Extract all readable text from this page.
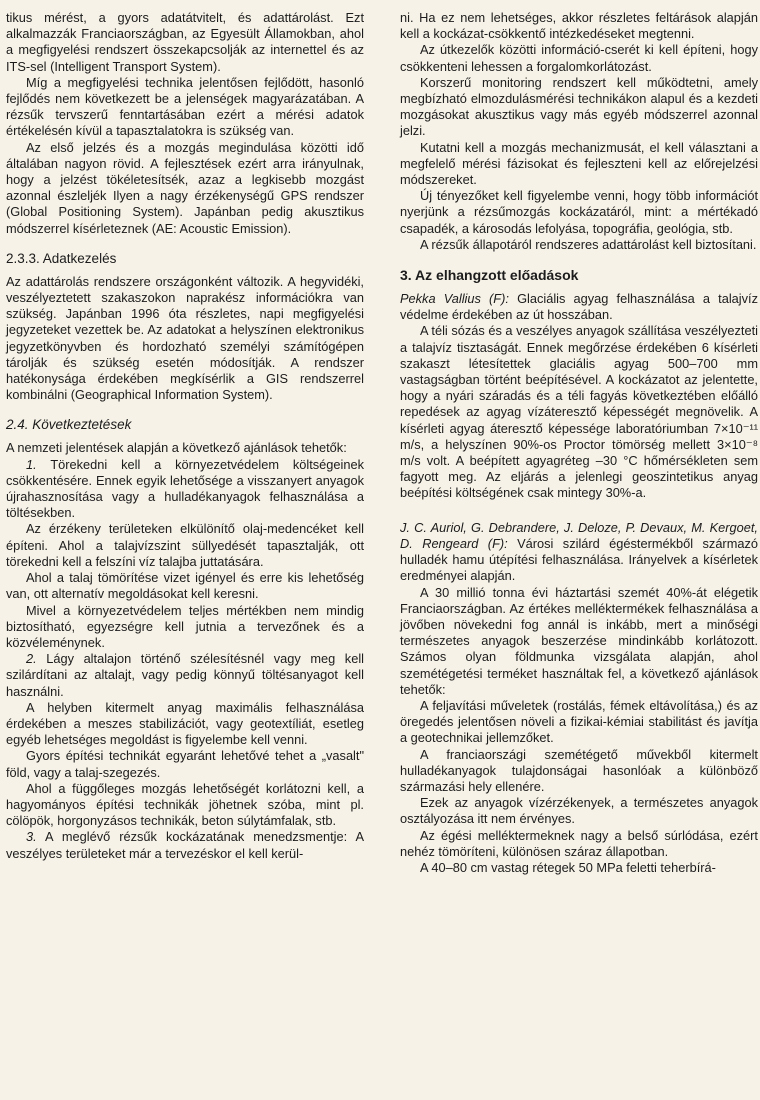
tikus mérést, a gyors adatátvitelt, és adattárolást. Ezt alkalmazzák Franciaországban, az Egyesült Államokban, ahol a megfigyelési rendszert összekapcsolják az internettel és az ITS-sel (Intelligent Transport System).

Míg a megfigyelési technika jelentősen fejlődött, hasonló fejlődés nem következett be a jelenségek magyarázatában. A rézsűk tervszerű fenntartásában ezért a mérési adatok értékelésén kívül a tapasztalatokra is szükség van.

Az első jelzés és a mozgás megindulása közötti idő általában nagyon rövid. A fejlesztések ezért arra irányulnak, hogy a jelzést tökéletesítsék, azaz a legkisebb mozgást azonnal észleljék Ilyen a nagy érzékenységű GPS rendszer (Global Positioning System). Japánban pedig akusztikus módszerrel kísérleteznek (AE: Acoustic Emission).

2.3.3. Adatkezelés

Az adattárolás rendszere országonként változik. A hegyvidéki, veszélyeztetett szakaszokon naprakész információkra van szükség. Japánban 1996 óta részletes, napi megfigyelési jegyzeteket vezettek be. Az adatokat a helyszínen elektronikus jegyzetkönyvben és hordozható személyi számítógépen tárolják és szükség esetén módosítják. A rendszer hatékonysága érdekében megkísérlik a GIS rendszerrel kombinálni (Geographical Information System).

2.4. Következtetések

A nemzeti jelentések alapján a következő ajánlások tehetők:

1. Törekedni kell a környezetvédelem költségeinek csökkentésére. Ennek egyik lehetősége a visszanyert anyagok újrahasznosítása vagy a hulladékanyagok felhasználása a töltésekben.

Az érzékeny területeken elkülönítő olaj-medencéket kell építeni. Ahol a talajvízszint süllyedését tapasztalják, ott törekedni kell a felszíni víz talajba juttatására.

Ahol a talaj tömörítése vizet igényel és erre kis lehetőség van, ott alternatív megoldásokat kell keresni.

Mivel a környezetvédelem teljes mértékben nem mindig biztosítható, egyezségre kell jutnia a tervezőnek és a közvéleménynek.

2. Lágy altalajon történő szélesítésnél vagy meg kell szilárdítani az altalajt, vagy pedig könnyű töltésanyagot kell használni.

A helyben kitermelt anyag maximális felhasználása érdekében a meszes stabilizációt, vagy geotextíliát, esetleg egyéb lehetséges megoldást is figyelembe kell venni.

Gyors építési technikát egyaránt lehetővé tehet a „vasalt" föld, vagy a talaj-szegezés.

Ahol a függőleges mozgás lehetőségét korlátozni kell, a hagyományos építési technikák jöhetnek szóba, mint pl. cölöpök, horgonyzásos technikák, beton súlytámfalak, stb.

3. A meglévő rézsűk kockázatának menedzsmentje: A veszélyes területeket már a tervezéskor el kell kerül-

ni. Ha ez nem lehetséges, akkor részletes feltárások alapján kell a kockázat-csökkentő intézkedéseket megtenni.

Az útkezelők közötti információ-cserét ki kell építeni, hogy csökkenteni lehessen a forgalomkorlátozást.

Korszerű monitoring rendszert kell működtetni, amely megbízható elmozdulásmérési technikákon alapul és a kezdeti mozgásokat akusztikus vagy más egyéb módszerrel azonnal jelzi.

Kutatni kell a mozgás mechanizmusát, el kell választani a megfelelő mérési fázisokat és fejleszteni kell az előrejelzési módszereket.

Új tényezőket kell figyelembe venni, hogy több információt nyerjünk a rézsűmozgás kockázatáról, mint: a mértékadó csapadék, a károsodás lefolyása, topográfia, geológia, stb.

A rézsűk állapotáról rendszeres adattárolást kell biztosítani.

3. Az elhangzott előadások

Pekka Vallius (F): Glaciális agyag felhasználása a talajvíz védelme érdekében az út hosszában.

A téli sózás és a veszélyes anyagok szállítása veszélyezteti a talajvíz tisztaságát. Ennek megőrzése érdekében 6 kísérleti szakaszt létesítettek glaciális agyag 500–700 mm vastagságban történt beépítésével. A kockázatot az jelentette, hogy a nyári száradás és a téli fagyás következtében előálló repedések az agyag vízáteresztő képességét megnövelik. A kísérleti agyag áteresztő képessége laboratóriumban 7×10⁻¹¹ m/s, a helyszínen 90%-os Proctor tömörség mellett 3×10⁻⁸ m/s volt. A beépített agyagréteg –30 °C hőmérsékleten sem fagyott meg. Az eljárás a jelenlegi geoszintetikus anyag beépítési költségének csak mintegy 30%-a.

J. C. Auriol, G. Debrandere, J. Deloze, P. Devaux, M. Kergoet, D. Rengeard (F): Városi szilárd égéstermékből származó hulladék hamu útépítési felhasználása. Irányelvek a kísérletek eredményei alapján.

A 30 millió tonna évi háztartási szemét 40%-át elégetik Franciaországban. Az értékes melléktermékek felhasználása a jövőben növekedni fog annál is inkább, mert a minőségi természetes anyagok beszerzése mindinkább korlátozott. Számos olyan földmunka vizsgálata alapján, ahol szemétégetési terméket használtak fel, a következő ajánlások tehetők:

A feljavítási műveletek (rostálás, fémek eltávolítása,) és az öregedés jelentősen növeli a fizikai-kémiai stabilitást és javítja a geotechnikai jellemzőket.

A franciaországi szemétégető művekből kitermelt hulladékanyagok tulajdonságai hasonlóak a különböző származási hely ellenére.

Ezek az anyagok vízérzékenyek, a természetes anyagok osztályozása itt nem érvényes.

Az égési melléktermeknek nagy a belső súrlódása, ezért nehéz tömöríteni, különösen száraz állapotban.

A 40–80 cm vastag rétegek 50 MPa feletti teherbírá-
